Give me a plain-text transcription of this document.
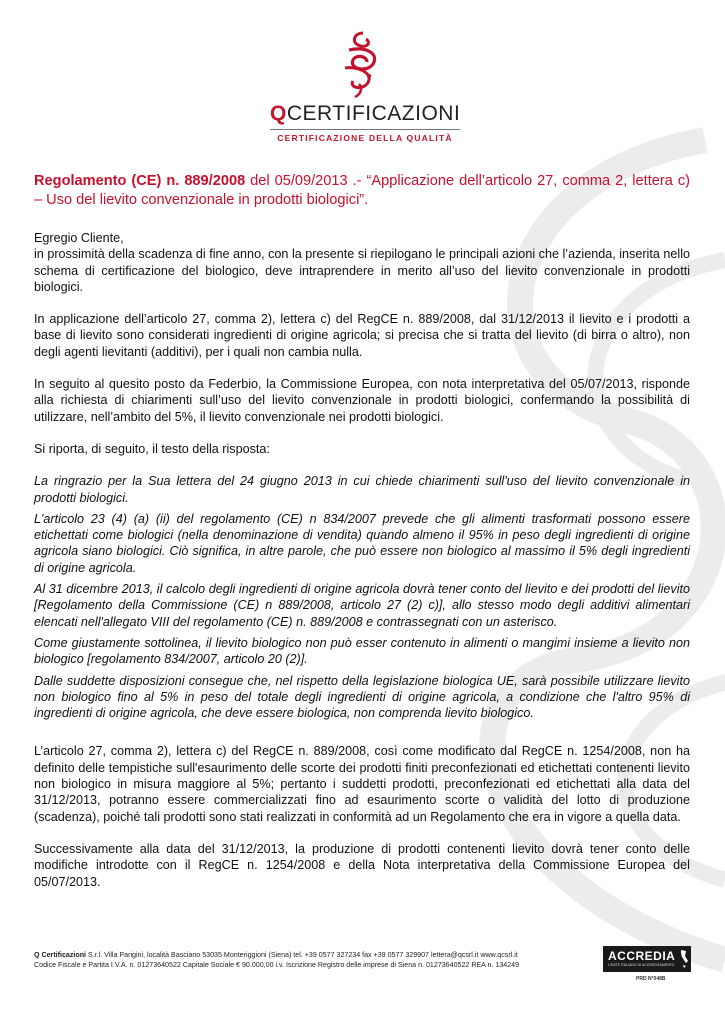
QCERTIFICAZIONI
CERTIFICAZIONE DELLA QUALITÀ

Regolamento (CE) n. 889/2008 del 05/09/2013 .- “Applicazione dell’articolo 27, comma 2, lettera c) – Uso del lievito convenzionale in prodotti biologici”.

Egregio Cliente,

in prossimità della scadenza di fine anno, con la presente si riepilogano le principali azioni che l’azienda, inserita nello schema di certificazione del biologico, deve intraprendere in merito all’uso del lievito convenzionale in prodotti biologici.

In applicazione dell’articolo 27, comma 2), lettera c) del RegCE n. 889/2008, dal 31/12/2013 il lievito e i prodotti a base di lievito sono considerati ingredienti di origine agricola; si precisa che si tratta del lievito (di birra o altro), non degli agenti lievitanti (additivi), per i quali non cambia nulla.

In seguito al quesito posto da Federbio, la Commissione Europea, con nota interpretativa del 05/07/2013, risponde alla richiesta di chiarimenti sull’uso del lievito convenzionale in prodotti biologici, confermando la possibilità di utilizzare, nell’ambito del 5%, il lievito convenzionale nei prodotti biologici.

Si riporta, di seguito, il testo della risposta:

La ringrazio per la Sua lettera del 24 giugno 2013 in cui chiede chiarimenti sull'uso del lievito convenzionale in prodotti biologici.

L'articolo 23 (4) (a) (ii) del regolamento (CE) n 834/2007 prevede che gli alimenti trasformati possono essere etichettati come biologici (nella denominazione di vendita) quando almeno il 95% in peso degli ingredienti di origine agricola siano biologici. Ciò significa, in altre parole, che può essere non biologico al massimo il 5% degli ingredienti di origine agricola.

Al 31 dicembre 2013, il calcolo degli ingredienti di origine agricola dovrà tener conto del lievito e dei prodotti del lievito [Regolamento della Commissione (CE) n 889/2008, articolo 27 (2) c)], allo stesso modo degli additivi alimentari elencati nell'allegato VIII del regolamento (CE) n. 889/2008 e contrassegnati con un asterisco.

Come giustamente sottolinea, il lievito biologico non può esser contenuto in alimenti o mangimi insieme a lievito non biologico [regolamento 834/2007, articolo 20 (2)].

Dalle suddette disposizioni consegue che, nel rispetto della legislazione biologica UE, sarà possibile utilizzare lievito non biologico fino al 5% in peso del totale degli ingredienti di origine agricola, a condizione che l'altro 95% di ingredienti di origine agricola, che deve essere biologica, non comprenda lievito biologico.

L’articolo 27, comma 2), lettera c) del RegCE n. 889/2008, così come modificato dal RegCE n. 1254/2008, non ha definito delle tempistiche sull'esaurimento delle scorte dei prodotti finiti preconfezionati ed etichettati contenenti lievito non biologico in misura maggiore al 5%; pertanto i suddetti prodotti, preconfezionati ed etichettati alla data del 31/12/2013, potranno essere commercializzati fino ad esaurimento scorte o validità del lotto di produzione (scadenza), poiché tali prodotti sono stati realizzati in conformità ad un Regolamento che era in vigore a quella data.

Successivamente alla data del 31/12/2013, la produzione di prodotti contenenti lievito dovrà tener conto delle modifiche introdotte con il RegCE n. 1254/2008 e della Nota interpretativa della Commissione Europea del 05/07/2013.

Q Certificazioni S.r.l. Villa Parigini, località Basciano 53035 Monteriggioni (Siena) tel. +39 0577 327234 fax +39 0577 329907 lettera@qcsrl.it www.qcsrl.it
Codice Fiscale e Partita I.V.A. n. 01273640522 Capitale Sociale € 90.000,00 i.v. Iscrizione Registro delle imprese di Siena n. 01273640522 REA n. 134249
ACCREDIA
L'ENTE ITALIANO DI ACCREDITAMENTO
PRD N°048B
